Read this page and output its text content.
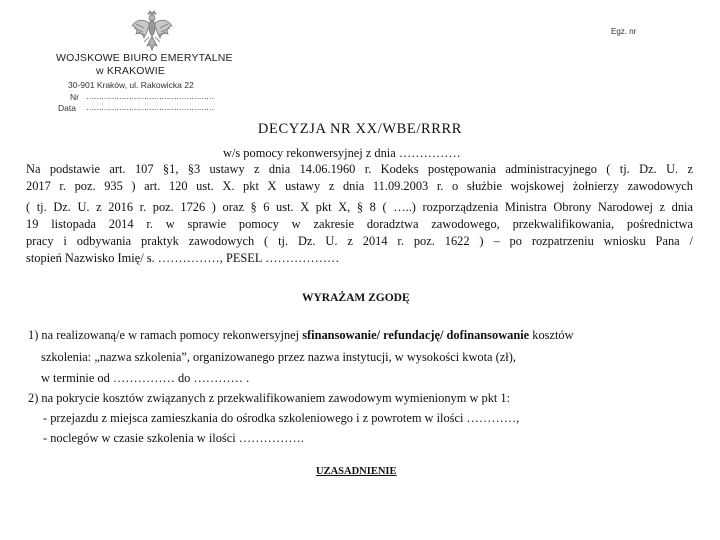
Egz. nr
WOJSKOWE BIURO EMERYTALNE
w KRAKOWIE
30-901 Kraków, ul. Rakowicka 22
Nr ……………………………………………
Data ……………………………………………
DECYZJA NR XX/WBE/RRRR
w/s pomocy rekonwersyjnej z dnia ……………
Na podstawie art. 107 §1, §3 ustawy z dnia 14.06.1960 r. Kodeks postępowania administracyjnego ( tj. Dz. U. z
2017 r. poz. 935 ) art. 120 ust. X. pkt X ustawy z dnia 11.09.2003 r. o służbie wojskowej żołnierzy zawodowych
( tj. Dz. U. z 2016 r. poz. 1726 ) oraz § 6 ust. X pkt X, § 8 ( …..) rozporządzenia Ministra Obrony Narodowej z dnia
19 listopada 2014 r. w sprawie pomocy w zakresie doradztwa zawodowego, przekwalifikowania, pośrednictwa
pracy i odbywania praktyk zawodowych ( tj. Dz. U. z 2014 r. poz. 1622 ) – po rozpatrzeniu wniosku Pana /
stopień Nazwisko Imię/ s. ……………, PESEL ………………
WYRAŻAM ZGODĘ
1) na realizowaną/e w ramach pomocy rekonwersyjnej sfinansowanie/ refundację/ dofinansowanie kosztów
szkolenia: „nazwa szkolenia”, organizowanego przez nazwa instytucji, w wysokości kwota (zł),
w terminie od …………… do ………… .
2) na pokrycie kosztów związanych z przekwalifikowaniem zawodowym wymienionym w pkt 1:
- przejazdu z miejsca zamieszkania do ośrodka szkoleniowego i z powrotem w ilości …………,
- noclegów w czasie szkolenia w ilości …………….
UZASADNIENIE
